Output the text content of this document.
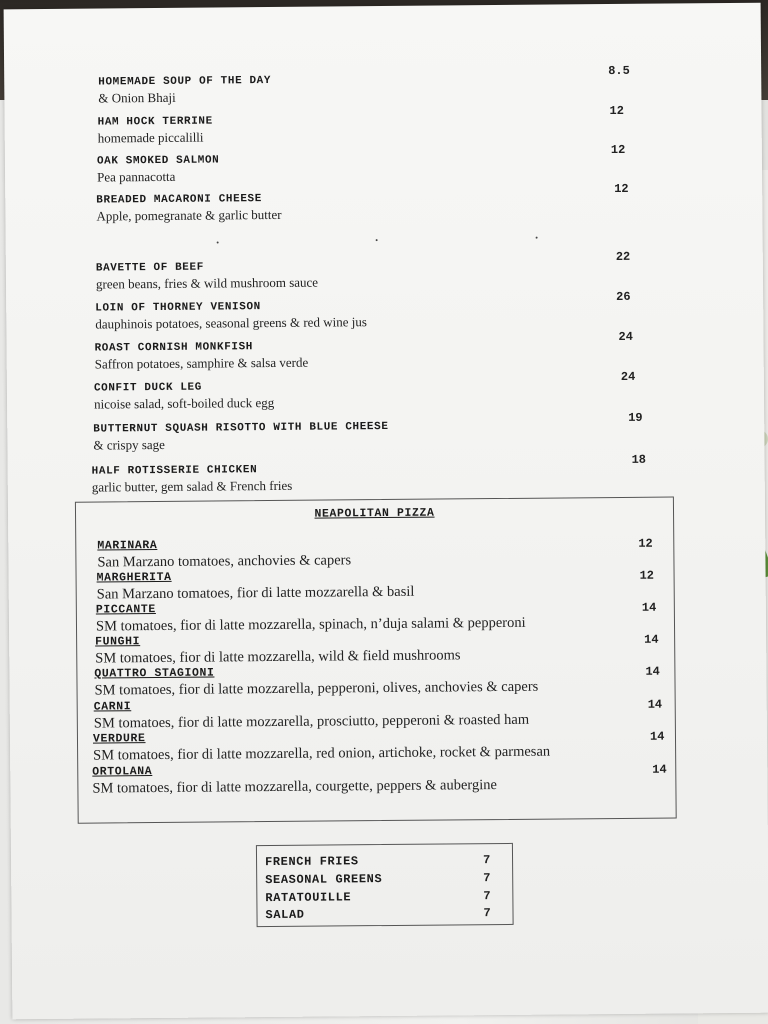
HOMEMADE SOUP OF THE DAY
& Onion Bhaji
8.5
HAM HOCK TERRINE
homemade piccalilli
12
OAK SMOKED SALMON
Pea pannacotta
12
BREADED MACARONI CHEESE
Apple, pomegranate & garlic butter
12
BAVETTE OF BEEF
green beans, fries & wild mushroom sauce
22
LOIN OF THORNEY VENISON
dauphinois potatoes, seasonal greens & red wine jus
26
ROAST CORNISH MONKFISH
Saffron potatoes, samphire & salsa verde
24
CONFIT DUCK LEG
nicoise salad, soft-boiled duck egg
24
BUTTERNUT SQUASH RISOTTO WITH BLUE CHEESE
& crispy sage
19
HALF ROTISSERIE CHICKEN
garlic butter, gem salad & French fries
18
NEAPOLITAN PIZZA
MARINARA
San Marzano tomatoes, anchovies & capers
12
MARGHERITA
San Marzano tomatoes, fior di latte mozzarella & basil
12
PICCANTE
SM tomatoes, fior di latte mozzarella, spinach, n’duja salami & pepperoni
14
FUNGHI
SM tomatoes, fior di latte mozzarella, wild & field mushrooms
14
QUATTRO STAGIONI
SM tomatoes, fior di latte mozzarella, pepperoni, olives, anchovies & capers
14
CARNI
SM tomatoes, fior di latte mozzarella, prosciutto, pepperoni & roasted ham
14
VERDURE
SM tomatoes, fior di latte mozzarella, red onion, artichoke, rocket & parmesan
14
ORTOLANA
SM tomatoes, fior di latte mozzarella, courgette, peppers & aubergine
14
FRENCH FRIES	7
SEASONAL GREENS	7
RATATOUILLE	7
SALAD	7
